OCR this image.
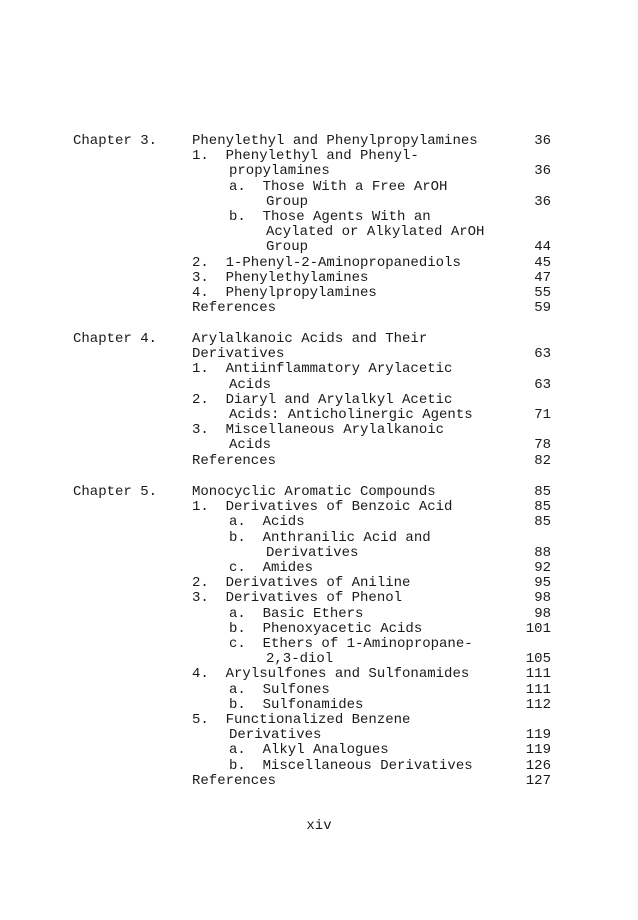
Chapter 3. Phenylethyl and Phenylpropylamines	36
1.  Phenylethyl and Phenyl-
propylamines	36
a.  Those With a Free ArOH
Group	36
b.  Those Agents With an
Acylated or Alkylated ArOH
Group	44
2.  1-Phenyl-2-Aminopropanediols	45
3.  Phenylethylamines	47
4.  Phenylpropylamines	55
References	59
Chapter 4. Arylalkanoic Acids and Their
Derivatives	63
1.  Antiinflammatory Arylacetic
Acids	63
2.  Diaryl and Arylalkyl Acetic
Acids: Anticholinergic Agents	71
3.  Miscellaneous Arylalkanoic
Acids	78
References	82
Chapter 5. Monocyclic Aromatic Compounds	85
1.  Derivatives of Benzoic Acid	85
a.  Acids	85
b.  Anthranilic Acid and
Derivatives	88
c.  Amides	92
2.  Derivatives of Aniline	95
3.  Derivatives of Phenol	98
a.  Basic Ethers	98
b.  Phenoxyacetic Acids	101
c.  Ethers of 1-Aminopropane-
2,3-diol	105
4.  Arylsulfones and Sulfonamides	111
a.  Sulfones	111
b.  Sulfonamides	112
5.  Functionalized Benzene
Derivatives	119
a.  Alkyl Analogues	119
b.  Miscellaneous Derivatives	126
References	127
xiv
